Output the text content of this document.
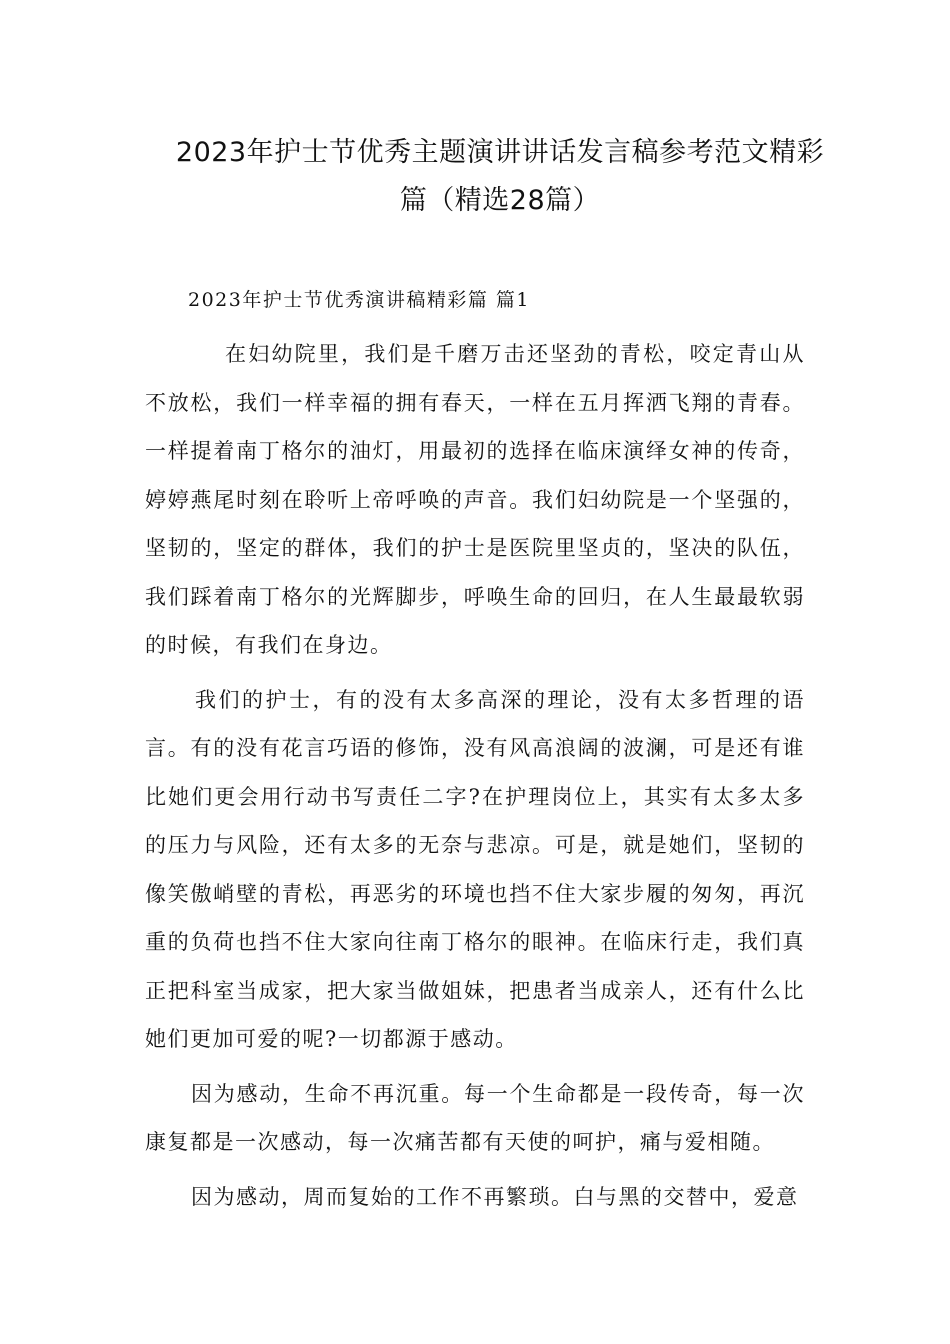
2023年护士节优秀主题演讲讲话发言稿参考范文精彩
篇（精选28篇）
2023年护士节优秀演讲稿精彩篇 篇1

在妇幼院里，我们是千磨万击还坚劲的青松，咬定青山从不放松，我们一样幸福的拥有春天，一样在五月挥洒飞翔的青春。一样提着南丁格尔的油灯，用最初的选择在临床演绎女神的传奇，婷婷燕尾时刻在聆听上帝呼唤的声音。我们妇幼院是一个坚强的，坚韧的，坚定的群体，我们的护士是医院里坚贞的，坚决的队伍，我们踩着南丁格尔的光辉脚步，呼唤生命的回归，在人生最最软弱的时候，有我们在身边。

我们的护士，有的没有太多高深的理论，没有太多哲理的语言。有的没有花言巧语的修饰，没有风高浪阔的波澜，可是还有谁比她们更会用行动书写责任二字?在护理岗位上，其实有太多太多的压力与风险，还有太多的无奈与悲凉。可是，就是她们，坚韧的像笑傲峭壁的青松，再恶劣的环境也挡不住大家步履的匆匆，再沉重的负荷也挡不住大家向往南丁格尔的眼神。在临床行走，我们真正把科室当成家，把大家当做姐妹，把患者当成亲人，还有什么比她们更加可爱的呢?一切都源于感动。

因为感动，生命不再沉重。每一个生命都是一段传奇，每一次康复都是一次感动，每一次痛苦都有天使的呵护，痛与爱相随。

因为感动，周而复始的工作不再繁琐。白与黑的交替中，爱意
